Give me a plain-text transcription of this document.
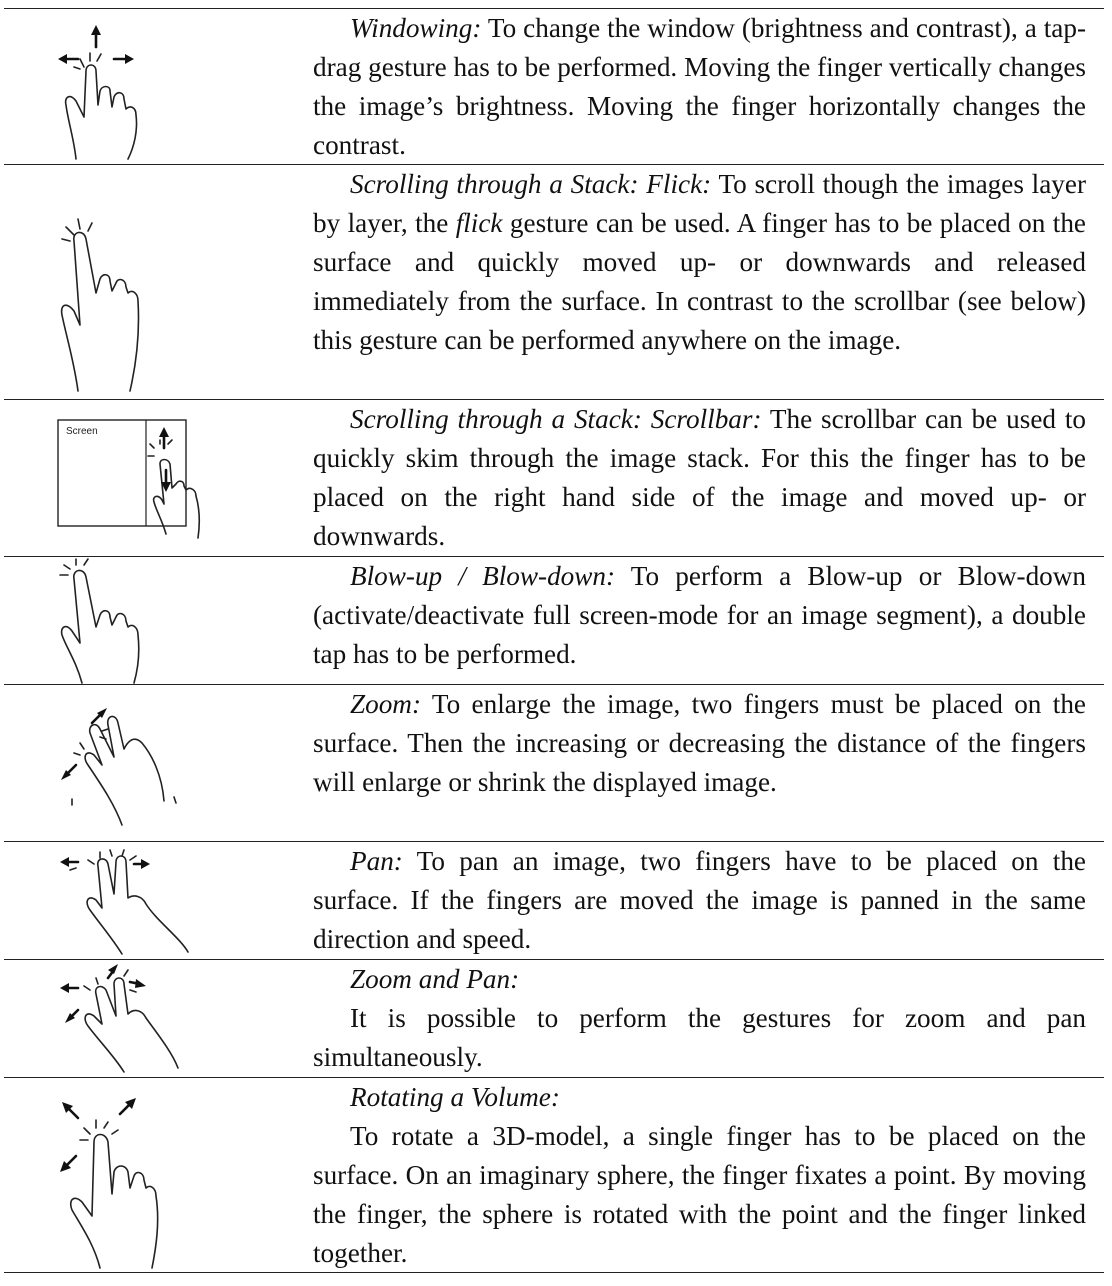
Windowing: To change the window (brightness and contrast), a tap-drag gesture has to be performed. Moving the finger vertically changes the image’s brightness. Moving the finger horizontally changes the contrast.

Scrolling through a Stack: Flick: To scroll though the images layer by layer, the flick gesture can be used. A finger has to be placed on the surface and quickly moved up- or downwards and released immediately from the surface. In contrast to the scrollbar (see below) this gesture can be performed anywhere on the image.

Screen	Scrolling through a Stack: Scrollbar: The scrollbar can be used to quickly skim through the image stack. For this the finger has to be placed on the right hand side of the image and moved up- or downwards.

Blow-up / Blow-down: To perform a Blow-up or Blow-down (activate/deactivate full screen-mode for an image segment), a double tap has to be performed.

Zoom: To enlarge the image, two fingers must be placed on the surface. Then the increasing or decreasing the distance of the fingers will enlarge or shrink the displayed image.

Pan: To pan an image, two fingers have to be placed on the surface. If the fingers are moved the image is panned in the same direction and speed.

Zoom and Pan:

It is possible to perform the gestures for zoom and pan simultaneously.

Rotating a Volume:

To rotate a 3D-model, a single finger has to be placed on the surface. On an imaginary sphere, the finger fixates a point. By moving the finger, the sphere is rotated with the point and the finger linked together.
